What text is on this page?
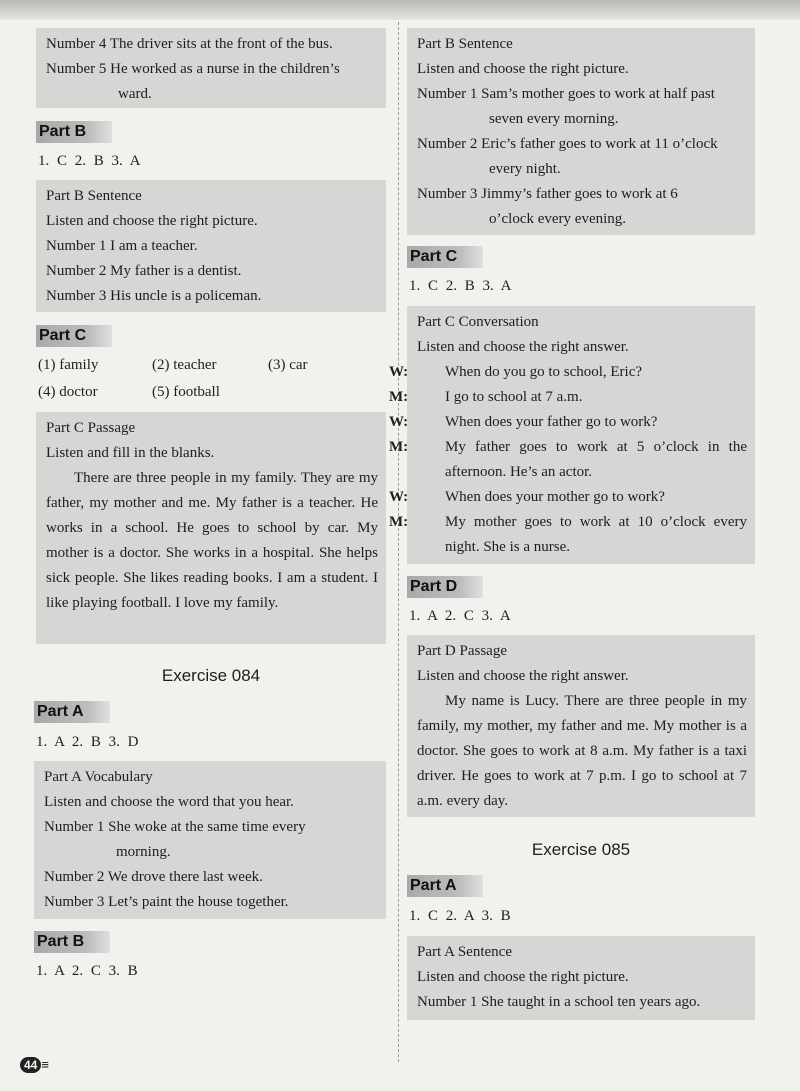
Number 4 The driver sits at the front of the bus.
Number 5 He worked as a nurse in the children’s
ward.
Part B
1. C 2. B 3. A
Part B Sentence
Listen and choose the right picture.
Number 1 I am a teacher.
Number 2 My father is a dentist.
Number 3 His uncle is a policeman.
Part C
(1) family	(2) teacher	(3) car
(4) doctor	(5) football
Part C Passage
Listen and fill in the blanks.
There are three people in my family. They are my father, my mother and me. My father is a teacher. He works in a school. He goes to school by car. My mother is a doctor. She works in a hospital. She helps sick people. She likes reading books. I am a student. I like playing football. I love my family.
Exercise 084
Part A
1. A 2. B 3. D
Part A Vocabulary
Listen and choose the word that you hear.
Number 1 She woke at the same time every
morning.
Number 2 We drove there last week.
Number 3 Let’s paint the house together.
Part B
1. A 2. C 3. B
Part B Sentence
Listen and choose the right picture.
Number 1 Sam’s mother goes to work at half past
seven every morning.
Number 2 Eric’s father goes to work at 11 o’clock
every night.
Number 3 Jimmy’s father goes to work at 6
o’clock every evening.
Part C
1. C 2. B 3. A
Part C Conversation
Listen and choose the right answer.
W: When do you go to school, Eric?
M: I go to school at 7 a.m.
W: When does your father go to work?
M: My father goes to work at 5 o’clock in the afternoon. He’s an actor.
W: When does your mother go to work?
M: My mother goes to work at 10 o’clock every night. She is a nurse.
Part D
1. A 2. C 3. A
Part D Passage
Listen and choose the right answer.
My name is Lucy. There are three people in my family, my mother, my father and me. My mother is a doctor. She goes to work at 8 a.m. My father is a taxi driver. He goes to work at 7 p.m. I go to school at 7 a.m. every day.
Exercise 085
Part A
1. C 2. A 3. B
Part A Sentence
Listen and choose the right picture.
Number 1 She taught in a school ten years ago.
44 ≡
